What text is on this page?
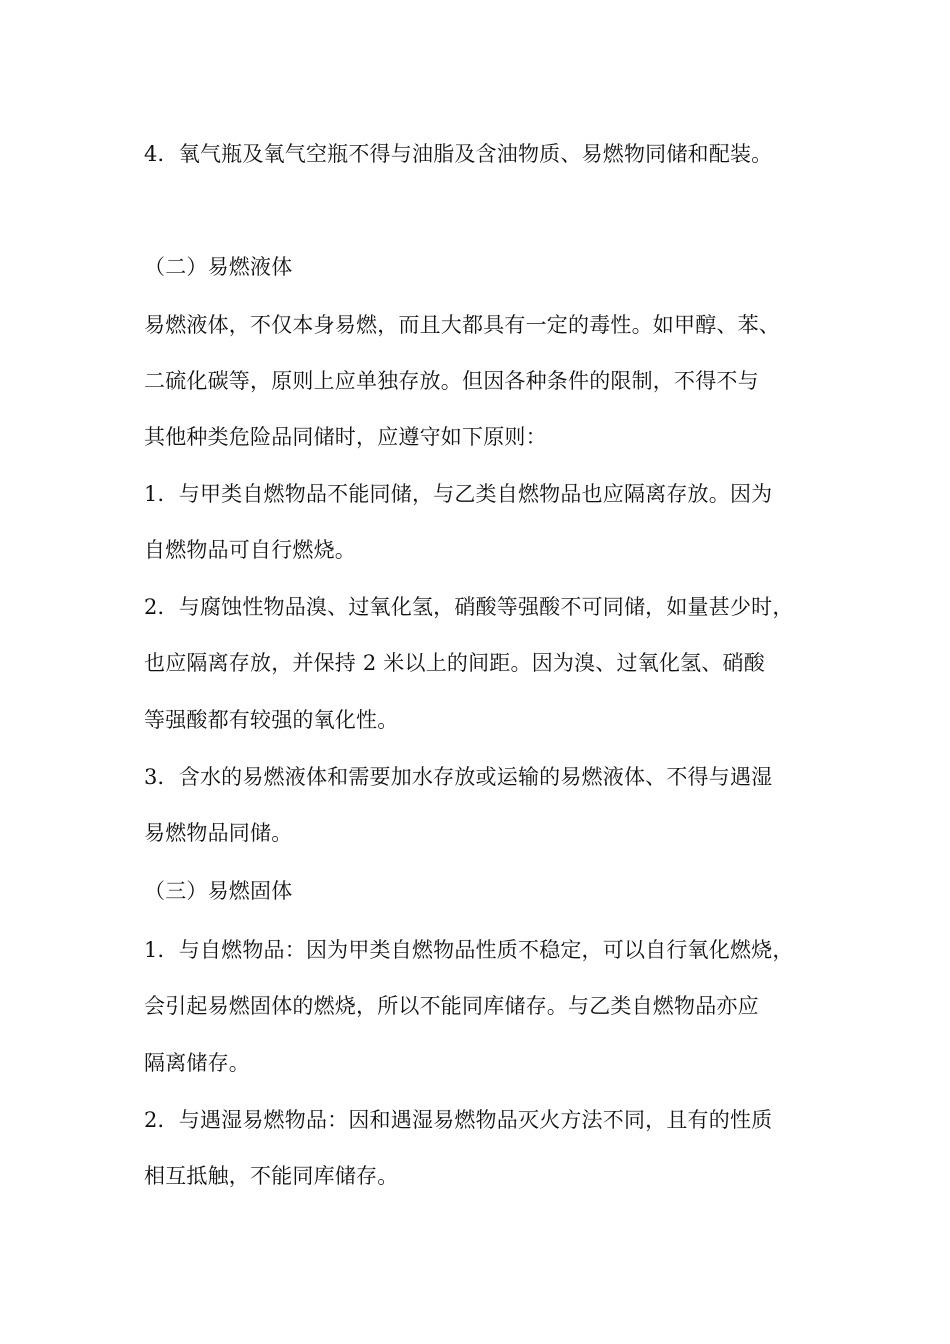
4．氧气瓶及氧气空瓶不得与油脂及含油物质、易燃物同储和配装。
（二）易燃液体
易燃液体，不仅本身易燃，而且大都具有一定的毒性。如甲醇、苯、
二硫化碳等，原则上应单独存放。但因各种条件的限制，不得不与
其他种类危险品同储时，应遵守如下原则：
1．与甲类自燃物品不能同储，与乙类自燃物品也应隔离存放。因为
自燃物品可自行燃烧。
2．与腐蚀性物品溴、过氧化氢，硝酸等强酸不可同储，如量甚少时，
也应隔离存放，并保持 2 米以上的间距。因为溴、过氧化氢、硝酸
等强酸都有较强的氧化性。
3．含水的易燃液体和需要加水存放或运输的易燃液体、不得与遇湿
易燃物品同储。
（三）易燃固体
1．与自燃物品：因为甲类自燃物品性质不稳定，可以自行氧化燃烧，
会引起易燃固体的燃烧，所以不能同库储存。与乙类自燃物品亦应
隔离储存。
2．与遇湿易燃物品：因和遇湿易燃物品灭火方法不同，且有的性质
相互抵触，不能同库储存。
